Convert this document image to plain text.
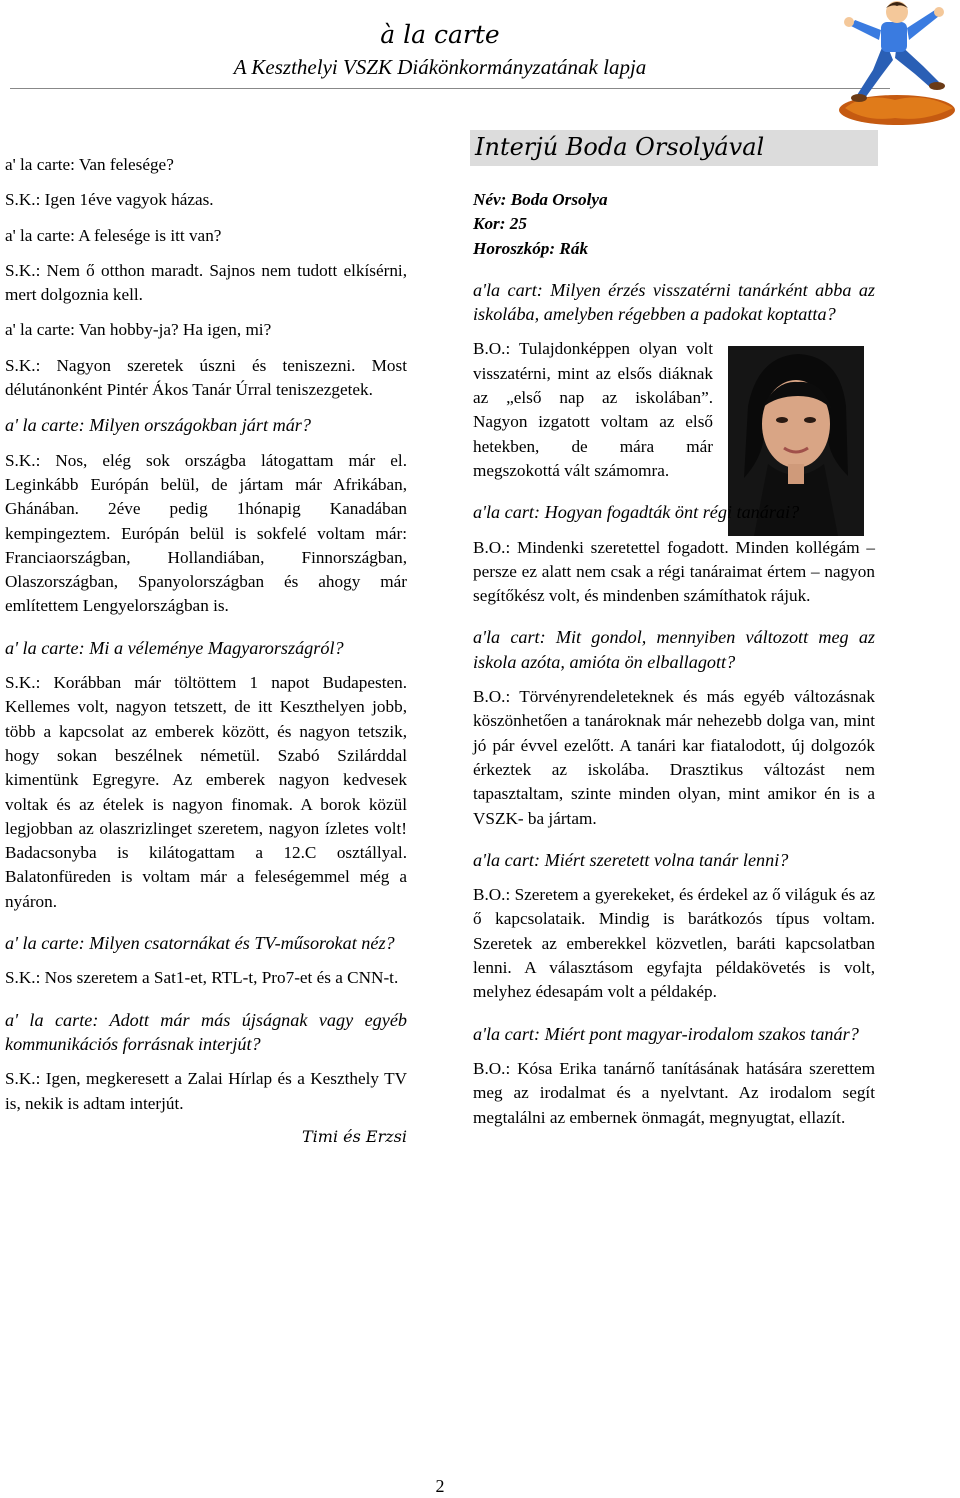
à la carte
A Keszthelyi VSZK Diákönkormányzatának lapja

a' la carte: Van felesége?

S.K.: Igen 1éve vagyok házas.

a' la carte: A felesége is itt van?

S.K.: Nem ő otthon maradt. Sajnos nem tudott elkísérni, mert dolgoznia kell.

a' la carte: Van hobby-ja? Ha igen, mi?

S.K.: Nagyon szeretek úszni és teniszezni. Most délutánonként Pintér Ákos Tanár Úrral teniszezgetek.

a' la carte: Milyen országokban járt már?

S.K.: Nos, elég sok országba látogattam már el. Leginkább Európán belül, de jártam már Afrikában, Ghánában. 2éve pedig 1hónapig Kanadában kempingeztem. Európán belül is sokfelé voltam már: Franciaországban, Hollandiában, Finnországban, Olaszországban, Spanyolországban és ahogy már említettem Lengyelországban is.

a' la carte: Mi a véleménye Magyarországról?

S.K.: Korábban már töltöttem 1 napot Budapesten. Kellemes volt, nagyon tetszett, de itt Keszthelyen jobb, több a kapcsolat az emberek között, és nagyon tetszik, hogy sokan beszélnek németül. Szabó Szilárddal kimentünk Egregyre. Az emberek nagyon kedvesek voltak és az ételek is nagyon finomak. A borok közül legjobban az olaszrizlinget szeretem, nagyon ízletes volt! Badacsonyba is kilátogattam a 12.C osztállyal. Balatonfüreden is voltam már a feleségemmel még a nyáron.

a' la carte: Milyen csatornákat és TV-műsorokat néz?

S.K.: Nos szeretem a Sat1-et, RTL-t, Pro7-et és a CNN-t.

a' la carte: Adott már más újságnak vagy egyéb kommunikációs forrásnak interjút?

S.K.: Igen, megkeresett a Zalai Hírlap és a Keszthely TV is, nekik is adtam interjút.

Timi és Erzsi

Interjú Boda Orsolyával

Név: Boda Orsolya

Kor: 25

Horoszkóp: Rák

a'la cart: Milyen érzés visszatérni tanárként abba az iskolába, amelyben régebben a padokat koptatta?

B.O.: Tulajdonképpen olyan volt visszatérni, mint az elsős diáknak az „első nap az iskolában”. Nagyon izgatott voltam az első hetekben, de mára már megszokottá vált számomra.

a'la cart: Hogyan fogadták önt régi tanárai?

B.O.: Mindenki szeretettel fogadott. Minden kollégám – persze ez alatt nem csak a régi tanáraimat értem – nagyon segítőkész volt, és mindenben számíthatok rájuk.

a'la cart: Mit gondol, mennyiben változott meg az iskola azóta, amióta ön elballagott?

B.O.: Törvényrendeleteknek és más egyéb változásnak köszönhetően a tanároknak már nehezebb dolga van, mint jó pár évvel ezelőtt. A tanári kar fiatalodott, új dolgozók érkeztek az iskolába. Drasztikus változást nem tapasztaltam, szinte minden olyan, mint amikor én is a VSZK- ba jártam.

a'la cart: Miért szeretett volna tanár lenni?

B.O.: Szeretem a gyerekeket, és érdekel az ő világuk és az ő kapcsolataik. Mindig is barátkozós típus voltam. Szeretek az emberekkel közvetlen, baráti kapcsolatban lenni. A választásom egyfajta példakövetés is volt, melyhez édesapám volt a példakép.

a'la cart: Miért pont magyar-irodalom szakos tanár?

B.O.: Kósa Erika tanárnő tanításának hatására szerettem meg az irodalmat és a nyelvtant. Az irodalom segít megtalálni az embernek önmagát, megnyugtat, ellazít.

2
